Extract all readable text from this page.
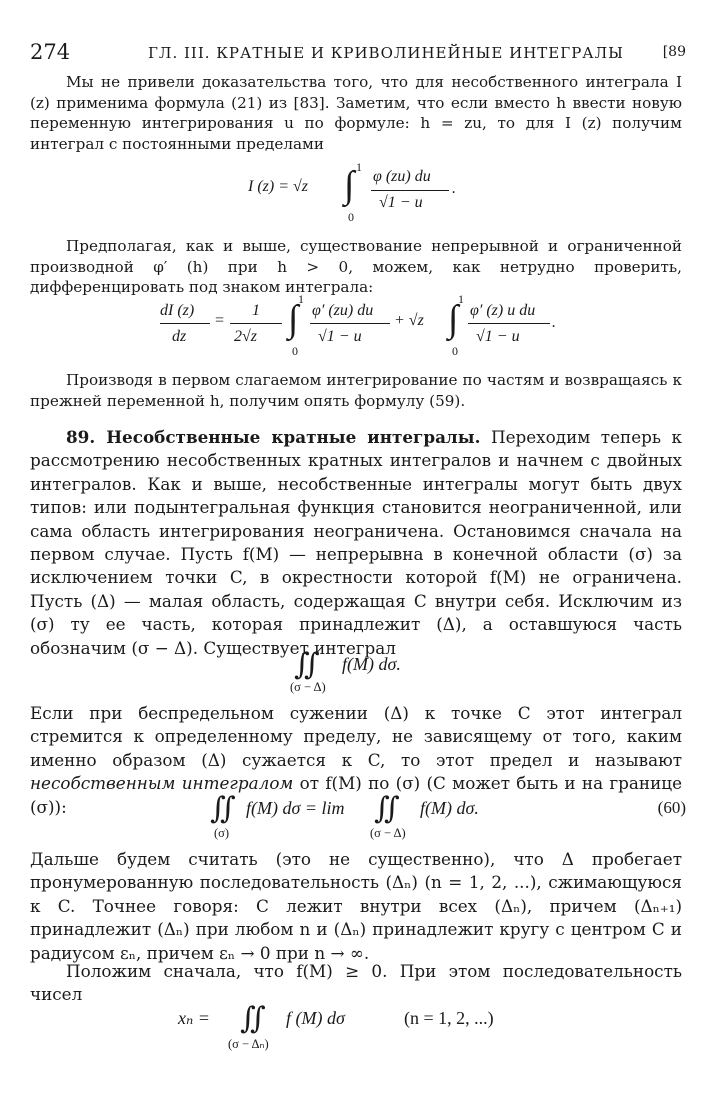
274	ГЛ. III. КРАТНЫЕ И КРИВОЛИНЕЙНЫЕ ИНТЕГРАЛЫ	[89

Мы не привели доказательства того, что для несобственного интеграла I (z) применима формула (21) из [83]. Заметим, что если вместо h ввести новую переменную интегрирования u по формуле: h = zu, то для I (z) получим интеграл с постоянными пределами

I (z) = √z ∫ 1
0
φ (zu) du
√1 − u
.

Предполагая, как и выше, существование непрерывной и ограниченной производной φ′ (h) при h > 0, можем, как нетрудно проверить, дифференцировать под знаком интеграла:

dI (z)
dz
=
1
2√z ∫ 1
0
φ′ (zu) du
√1 − u
+ √z ∫ 1
0
φ′ (z) u du
√1 − u
.

Производя в первом слагаемом интегрирование по частям и возвращаясь к прежней переменной h, получим опять формулу (59).

89. Несобственные кратные интегралы. Переходим теперь к рассмотрению несобственных кратных интегралов и начнем с двойных интегралов. Как и выше, несобственные интегралы могут быть двух типов: или подынтегральная функция становится неограниченной, или сама область интегрирования неограничена. Остановимся сначала на первом случае. Пусть f(M) — непрерывна в конечной области (σ) за исключением точки C, в окрестности которой f(M) не ограничена. Пусть (Δ) — малая область, содержащая C внутри себя. Исключим из (σ) ту ее часть, которая принадлежит (Δ), а оставшуюся часть обозначим (σ − Δ). Существует интеграл

∬ f(M) dσ.
(σ − Δ)

Если при беспредельном сужении (Δ) к точке C этот интеграл стремится к определенному пределу, не зависящему от того, каким именно образом (Δ) сужается к C, то этот предел и называют несобственным интегралом от f(M) по (σ) (C может быть и на границе (σ)):	∬ f(M) dσ = lim
(σ)
∬ f(M) dσ.
(σ − Δ)
(60)

Дальше будем считать (это не существенно), что Δ пробегает пронумерованную последовательность (Δₙ) (n = 1, 2, ...), сжимающуюся к C. Точнее говоря: C лежит внутри всех (Δₙ), причем (Δₙ₊₁) принадлежит (Δₙ) при любом n и (Δₙ) принадлежит кругу с центром C и радиусом εₙ, причем εₙ → 0 при n → ∞.

Положим сначала, что f(M) ≥ 0. При этом последовательность чисел

xₙ = ∬ f (M) dσ
(σ − Δₙ)
(n = 1, 2, ...)
